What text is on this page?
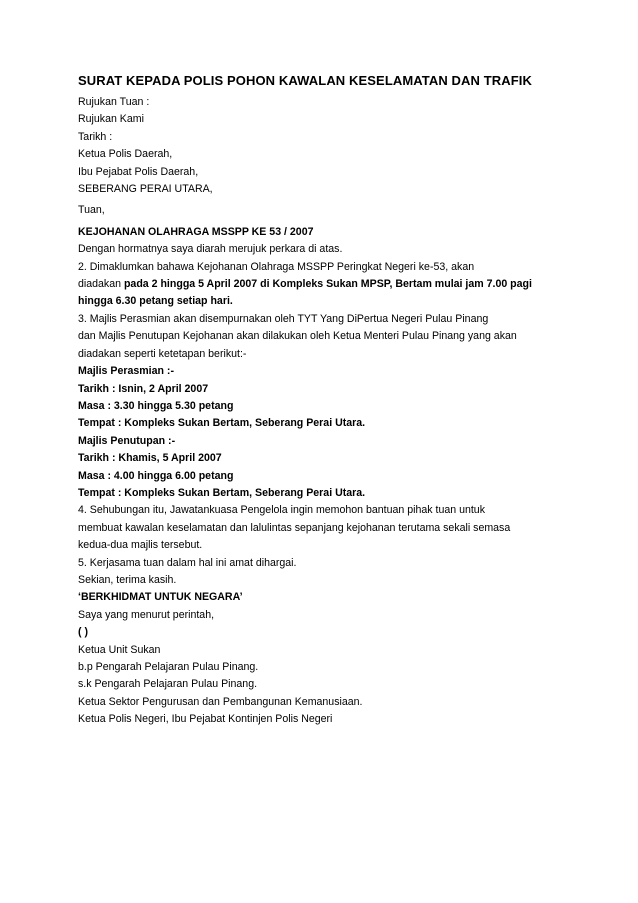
SURAT KEPADA POLIS POHON KAWALAN KESELAMATAN DAN TRAFIK
Rujukan Tuan :
Rujukan Kami
Tarikh :
Ketua Polis Daerah,
Ibu Pejabat Polis Daerah,
SEBERANG PERAI UTARA,
Tuan,
KEJOHANAN OLAHRAGA MSSPP KE 53 / 2007
Dengan hormatnya saya diarah merujuk perkara di atas.
2. Dimaklumkan bahawa Kejohanan Olahraga MSSPP Peringkat Negeri ke-53, akan
diadakan pada 2 hingga 5 April 2007 di Kompleks Sukan MPSP, Bertam mulai jam 7.00 pagi
hingga 6.30 petang setiap hari.
3. Majlis Perasmian akan disempurnakan oleh TYT Yang DiPertua Negeri Pulau Pinang
dan Majlis Penutupan Kejohanan akan dilakukan oleh Ketua Menteri Pulau Pinang yang akan
diadakan seperti ketetapan berikut:-
Majlis Perasmian :-
Tarikh : Isnin, 2 April 2007
Masa : 3.30 hingga 5.30 petang
Tempat : Kompleks Sukan Bertam, Seberang Perai Utara.
Majlis Penutupan :-
Tarikh : Khamis, 5 April 2007
Masa : 4.00 hingga 6.00 petang
Tempat : Kompleks Sukan Bertam, Seberang Perai Utara.
4. Sehubungan itu, Jawatankuasa Pengelola ingin memohon bantuan pihak tuan untuk
membuat kawalan keselamatan dan lalulintas sepanjang kejohanan terutama sekali semasa
kedua-dua majlis tersebut.
5. Kerjasama tuan dalam hal ini amat dihargai.
Sekian, terima kasih.
‘BERKHIDMAT UNTUK NEGARA’
Saya yang menurut perintah,
( )
Ketua Unit Sukan
b.p Pengarah Pelajaran Pulau Pinang.
s.k Pengarah Pelajaran Pulau Pinang.
Ketua Sektor Pengurusan dan Pembangunan Kemanusiaan.
Ketua Polis Negeri, Ibu Pejabat Kontinjen Polis Negeri
